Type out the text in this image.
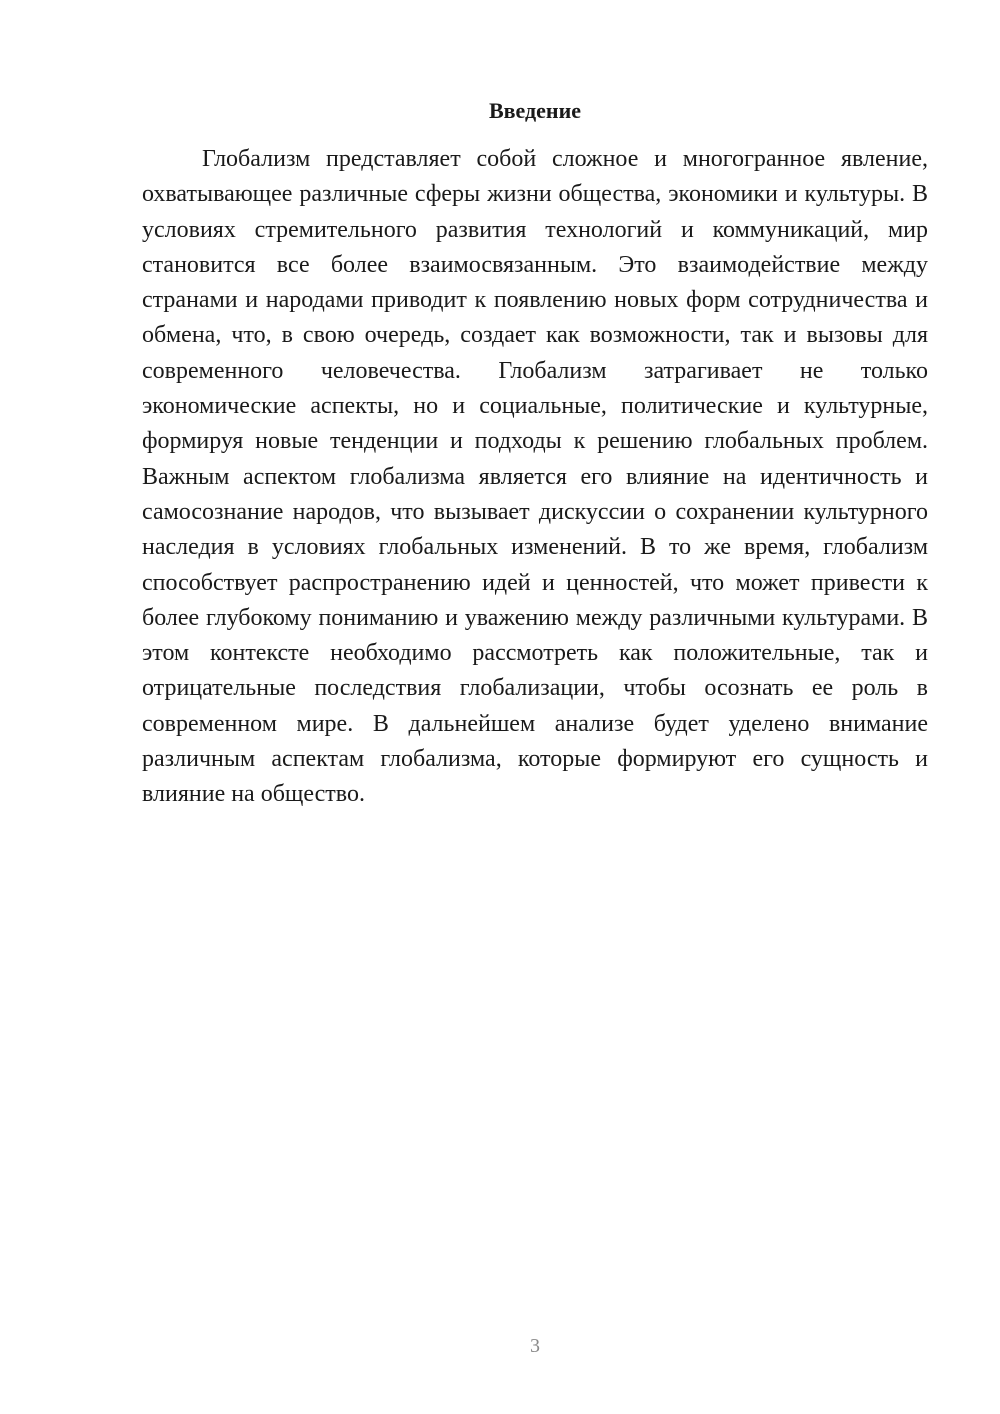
Введение

Глобализм представляет собой сложное и многогранное явление, охватывающее различные сферы жизни общества, экономики и культуры. В условиях стремительного развития технологий и коммуникаций, мир становится все более взаимосвязанным. Это взаимодействие между странами и народами приводит к появлению новых форм сотрудничества и обмена, что, в свою очередь, создает как возможности, так и вызовы для современного человечества. Глобализм затрагивает не только экономические аспекты, но и социальные, политические и культурные, формируя новые тенденции и подходы к решению глобальных проблем. Важным аспектом глобализма является его влияние на идентичность и самосознание народов, что вызывает дискуссии о сохранении культурного наследия в условиях глобальных изменений. В то же время, глобализм способствует распространению идей и ценностей, что может привести к более глубокому пониманию и уважению между различными культурами. В этом контексте необходимо рассмотреть как положительные, так и отрицательные последствия глобализации, чтобы осознать ее роль в современном мире. В дальнейшем анализе будет уделено внимание различным аспектам глобализма, которые формируют его сущность и влияние на общество.

3
